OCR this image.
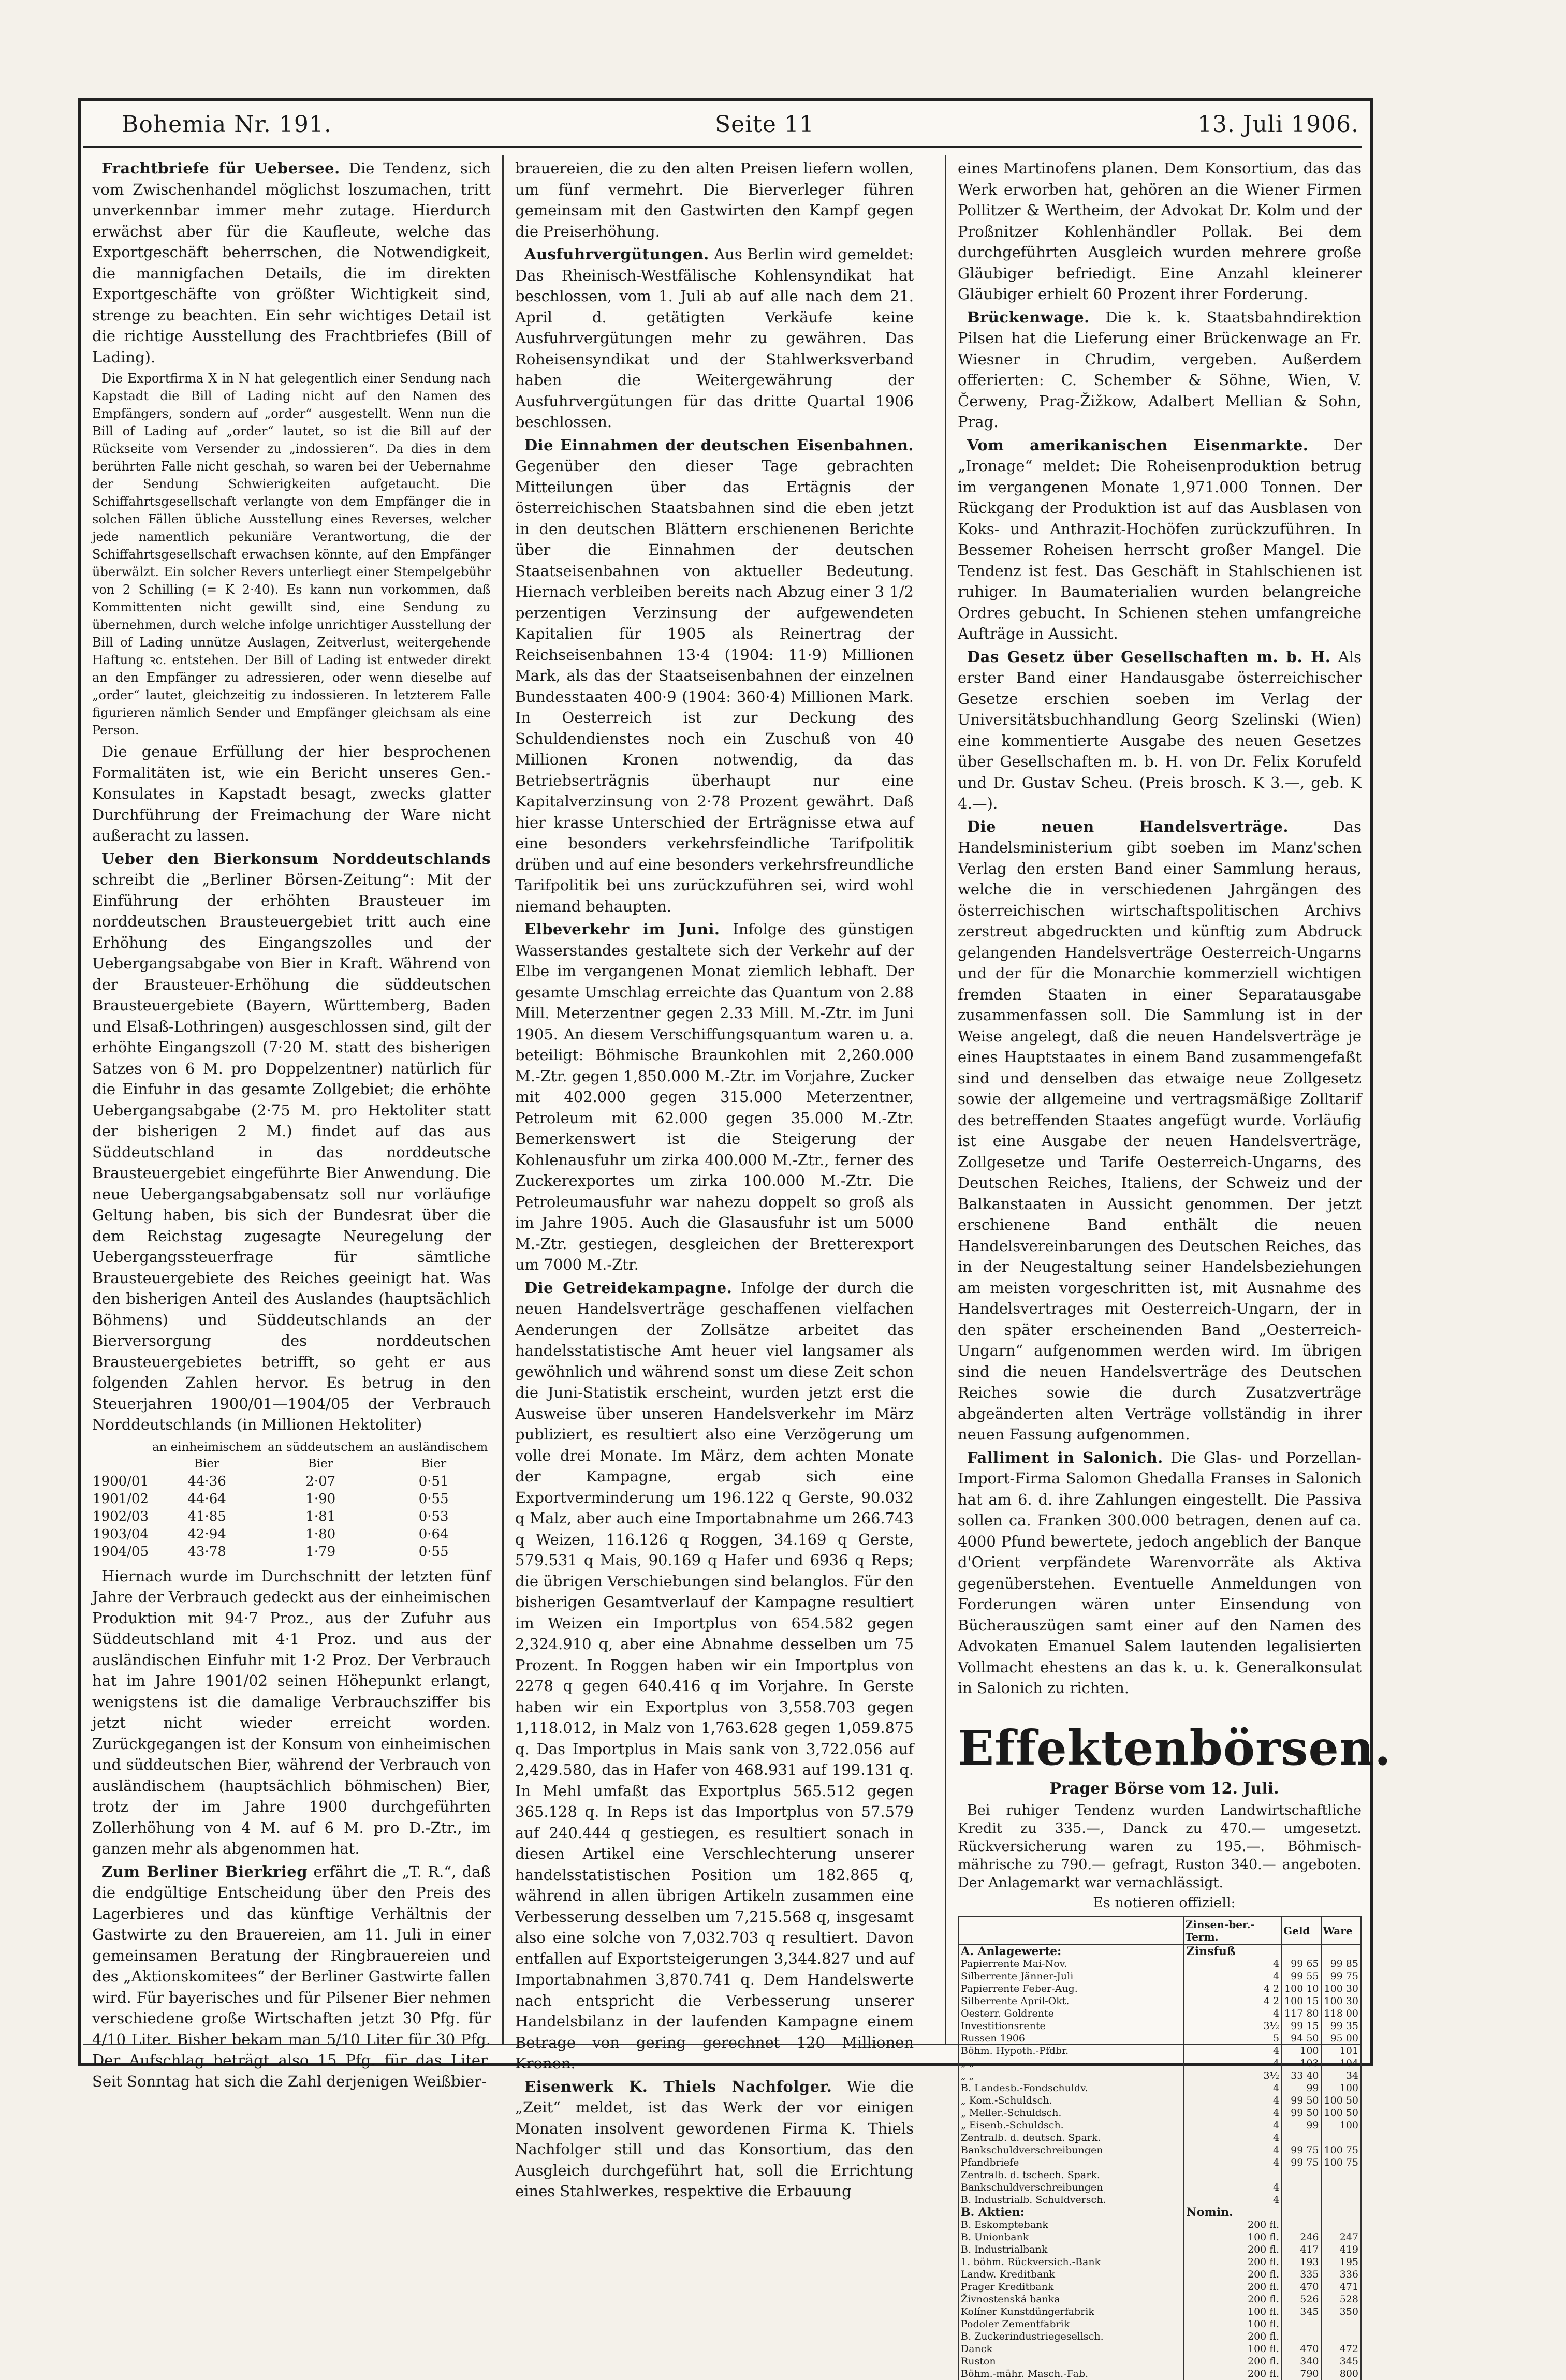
Bohemia Nr. 191.	Seite 11	13. Juli 1906.

Frachtbriefe für Uebersee. Die Tendenz, sich vom Zwischenhandel möglichst loszumachen, tritt unverkennbar immer mehr zutage. Hierdurch erwächst aber für die Kaufleute, welche das Exportgeschäft beherrschen, die Notwendigkeit, die mannigfachen Details, die im direkten Exportgeschäfte von größter Wichtigkeit sind, strenge zu beachten. Ein sehr wichtiges Detail ist die richtige Ausstellung des Frachtbriefes (Bill of Lading).

Die Exportfirma X in N hat gelegentlich einer Sendung nach Kapstadt die Bill of Lading nicht auf den Namen des Empfängers, sondern auf „order“ ausgestellt. Wenn nun die Bill of Lading auf „order“ lautet, so ist die Bill auf der Rückseite vom Versender zu „indossieren“. Da dies in dem berührten Falle nicht geschah, so waren bei der Uebernahme der Sendung Schwierigkeiten aufgetaucht. Die Schiffahrtsgesellschaft verlangte von dem Empfänger die in solchen Fällen übliche Ausstellung eines Reverses, welcher jede namentlich pekuniäre Verantwortung, die der Schiffahrtsgesellschaft erwachsen könnte, auf den Empfänger überwälzt. Ein solcher Revers unterliegt einer Stempelgebühr von 2 Schilling (= K 2·40). Es kann nun vorkommen, daß Kommittenten nicht gewillt sind, eine Sendung zu übernehmen, durch welche infolge unrichtiger Ausstellung der Bill of Lading unnütze Auslagen, Zeitverlust, weitergehende Haftung ꝛc. entstehen. Der Bill of Lading ist entweder direkt an den Empfänger zu adressieren, oder wenn dieselbe auf „order“ lautet, gleichzeitig zu indossieren. In letzterem Falle figurieren nämlich Sender und Empfänger gleichsam als eine Person.

Die genaue Erfüllung der hier besprochenen Formalitäten ist, wie ein Bericht unseres Gen.-Konsulates in Kapstadt besagt, zwecks glatter Durchführung der Freimachung der Ware nicht außeracht zu lassen.

Ueber den Bierkonsum Norddeutschlands schreibt die „Berliner Börsen-Zeitung“: Mit der Einführung der erhöhten Brausteuer im norddeutschen Brausteuergebiet tritt auch eine Erhöhung des Eingangszolles und der Uebergangsabgabe von Bier in Kraft. Während von der Brausteuer-Erhöhung die süddeutschen Brausteuergebiete (Bayern, Württemberg, Baden und Elsaß-Lothringen) ausgeschlossen sind, gilt der erhöhte Eingangszoll (7·20 M. statt des bisherigen Satzes von 6 M. pro Doppelzentner) natürlich für die Einfuhr in das gesamte Zollgebiet; die erhöhte Uebergangsabgabe (2·75 M. pro Hektoliter statt der bisherigen 2 M.) findet auf das aus Süddeutschland in das norddeutsche Brausteuergebiet eingeführte Bier Anwendung. Die neue Uebergangsabgabensatz soll nur vorläufige Geltung haben, bis sich der Bundesrat über die dem Reichstag zugesagte Neuregelung der Uebergangssteuerfrage für sämtliche Brausteuergebiete des Reiches geeinigt hat. Was den bisherigen Anteil des Auslandes (hauptsächlich Böhmens) und Süddeutschlands an der Bierversorgung des norddeutschen Brausteuergebietes betrifft, so geht er aus folgenden Zahlen hervor. Es betrug in den Steuerjahren 1900/01—1904/05 der Verbrauch Norddeutschlands (in Millionen Hektoliter)

	an einheimischem Bier	an süddeutschem Bier	an ausländischem Bier
1900/01	44·36	2·07	0·51
1901/02	44·64	1·90	0·55
1902/03	41·85	1·81	0·53
1903/04	42·94	1·80	0·64
1904/05	43·78	1·79	0·55

Hiernach wurde im Durchschnitt der letzten fünf Jahre der Verbrauch gedeckt aus der einheimischen Produktion mit 94·7 Proz., aus der Zufuhr aus Süddeutschland mit 4·1 Proz. und aus der ausländischen Einfuhr mit 1·2 Proz. Der Verbrauch hat im Jahre 1901/02 seinen Höhepunkt erlangt, wenigstens ist die damalige Verbrauchsziffer bis jetzt nicht wieder erreicht worden. Zurückgegangen ist der Konsum von einheimischen und süddeutschen Bier, während der Verbrauch von ausländischem (hauptsächlich böhmischen) Bier, trotz der im Jahre 1900 durchgeführten Zollerhöhung von 4 M. auf 6 M. pro D.-Ztr., im ganzen mehr als abgenommen hat.

Zum Berliner Bierkrieg erfährt die „T. R.“, daß die endgültige Entscheidung über den Preis des Lagerbieres und das künftige Verhältnis der Gastwirte zu den Brauereien, am 11. Juli in einer gemeinsamen Beratung der Ringbrauereien und des „Aktionskomitees“ der Berliner Gastwirte fallen wird. Für bayerisches und für Pilsener Bier nehmen verschiedene große Wirtschaften jetzt 30 Pfg. für 4/10 Liter. Bisher bekam man 5/10 Liter für 30 Pfg. Der Aufschlag beträgt also 15 Pfg. für das Liter. Seit Sonntag hat sich die Zahl derjenigen Weißbier-

brauereien, die zu den alten Preisen liefern wollen, um fünf vermehrt. Die Bierverleger führen gemeinsam mit den Gastwirten den Kampf gegen die Preiserhöhung.

Ausfuhrvergütungen. Aus Berlin wird gemeldet: Das Rheinisch-Westfälische Kohlensyndikat hat beschlossen, vom 1. Juli ab auf alle nach dem 21. April d. getätigten Verkäufe keine Ausfuhrvergütungen mehr zu gewähren. Das Roheisensyndikat und der Stahlwerksverband haben die Weitergewährung der Ausfuhrvergütungen für das dritte Quartal 1906 beschlossen.

Die Einnahmen der deutschen Eisenbahnen. Gegenüber den dieser Tage gebrachten Mitteilungen über das Ertägnis der österreichischen Staatsbahnen sind die eben jetzt in den deutschen Blättern erschienenen Berichte über die Einnahmen der deutschen Staatseisenbahnen von aktueller Bedeutung. Hiernach verbleiben bereits nach Abzug einer 3 1/2 perzentigen Verzinsung der aufgewendeten Kapitalien für 1905 als Reinertrag der Reichseisenbahnen 13·4 (1904: 11·9) Millionen Mark, als das der Staatseisenbahnen der einzelnen Bundesstaaten 400·9 (1904: 360·4) Millionen Mark. In Oesterreich ist zur Deckung des Schuldendienstes noch ein Zuschuß von 40 Millionen Kronen notwendig, da das Betriebserträgnis überhaupt nur eine Kapitalverzinsung von 2·78 Prozent gewährt. Daß hier krasse Unterschied der Erträgnisse etwa auf eine besonders verkehrsfeindliche Tarifpolitik drüben und auf eine besonders verkehrsfreundliche Tarifpolitik bei uns zurückzuführen sei, wird wohl niemand behaupten.

Elbeverkehr im Juni. Infolge des günstigen Wasserstandes gestaltete sich der Verkehr auf der Elbe im vergangenen Monat ziemlich lebhaft. Der gesamte Umschlag erreichte das Quantum von 2.88 Mill. Meterzentner gegen 2.33 Mill. M.-Ztr. im Juni 1905. An diesem Verschiffungsquantum waren u. a. beteiligt: Böhmische Braunkohlen mit 2,260.000 M.-Ztr. gegen 1,850.000 M.-Ztr. im Vorjahre, Zucker mit 402.000 gegen 315.000 Meterzentner, Petroleum mit 62.000 gegen 35.000 M.-Ztr. Bemerkenswert ist die Steigerung der Kohlenausfuhr um zirka 400.000 M.-Ztr., ferner des Zuckerexportes um zirka 100.000 M.-Ztr. Die Petroleumausfuhr war nahezu doppelt so groß als im Jahre 1905. Auch die Glasausfuhr ist um 5000 M.-Ztr. gestiegen, desgleichen der Bretterexport um 7000 M.-Ztr.

Die Getreidekampagne. Infolge der durch die neuen Handelsverträge geschaffenen vielfachen Aenderungen der Zollsätze arbeitet das handelsstatistische Amt heuer viel langsamer als gewöhnlich und während sonst um diese Zeit schon die Juni-Statistik erscheint, wurden jetzt erst die Ausweise über unseren Handelsverkehr im März publiziert, es resultiert also eine Verzögerung um volle drei Monate. Im März, dem achten Monate der Kampagne, ergab sich eine Exportverminderung um 196.122 q Gerste, 90.032 q Malz, aber auch eine Importabnahme um 266.743 q Weizen, 116.126 q Roggen, 34.169 q Gerste, 579.531 q Mais, 90.169 q Hafer und 6936 q Reps; die übrigen Verschiebungen sind belanglos. Für den bisherigen Gesamtverlauf der Kampagne resultiert im Weizen ein Importplus von 654.582 gegen 2,324.910 q, aber eine Abnahme desselben um 75 Prozent. In Roggen haben wir ein Importplus von 2278 q gegen 640.416 q im Vorjahre. In Gerste haben wir ein Exportplus von 3,558.703 gegen 1,118.012, in Malz von 1,763.628 gegen 1,059.875 q. Das Importplus in Mais sank von 3,722.056 auf 2,429.580, das in Hafer von 468.931 auf 199.131 q. In Mehl umfaßt das Exportplus 565.512 gegen 365.128 q. In Reps ist das Importplus von 57.579 auf 240.444 q gestiegen, es resultiert sonach in diesen Artikel eine Verschlechterung unserer handelsstatistischen Position um 182.865 q, während in allen übrigen Artikeln zusammen eine Verbesserung desselben um 7,215.568 q, insgesamt also eine solche von 7,032.703 q resultiert. Davon entfallen auf Exportsteigerungen 3,344.827 und auf Importabnahmen 3,870.741 q. Dem Handelswerte nach entspricht die Verbesserung unserer Handelsbilanz in der laufenden Kampagne einem Betrage von gering gerechnet 120 Millionen Kronen.

Eisenwerk K. Thiels Nachfolger. Wie die „Zeit“ meldet, ist das Werk der vor einigen Monaten insolvent gewordenen Firma K. Thiels Nachfolger still und das Konsortium, das den Ausgleich durchgeführt hat, soll die Errichtung eines Stahlwerkes, respektive die Erbauung

eines Martinofens planen. Dem Konsortium, das das Werk erworben hat, gehören an die Wiener Firmen Pollitzer & Wertheim, der Advokat Dr. Kolm und der Proßnitzer Kohlenhändler Pollak. Bei dem durchgeführten Ausgleich wurden mehrere große Gläubiger befriedigt. Eine Anzahl kleinerer Gläubiger erhielt 60 Prozent ihrer Forderung.

Brückenwage. Die k. k. Staatsbahndirektion Pilsen hat die Lieferung einer Brückenwage an Fr. Wiesner in Chrudim, vergeben. Außerdem offerierten: C. Schember & Söhne, Wien, V. Čerweny, Prag-Žižkow, Adalbert Mellian & Sohn, Prag.

Vom amerikanischen Eisenmarkte. Der „Ironage“ meldet: Die Roheisenproduktion betrug im vergangenen Monate 1,971.000 Tonnen. Der Rückgang der Produktion ist auf das Ausblasen von Koks- und Anthrazit-Hochöfen zurückzuführen. In Bessemer Roheisen herrscht großer Mangel. Die Tendenz ist fest. Das Geschäft in Stahlschienen ist ruhiger. In Baumaterialien wurden belangreiche Ordres gebucht. In Schienen stehen umfangreiche Aufträge in Aussicht.

Das Gesetz über Gesellschaften m. b. H. Als erster Band einer Handausgabe österreichischer Gesetze erschien soeben im Verlag der Universitätsbuchhandlung Georg Szelinski (Wien) eine kommentierte Ausgabe des neuen Gesetzes über Gesellschaften m. b. H. von Dr. Felix Korufeld und Dr. Gustav Scheu. (Preis brosch. K 3.—, geb. K 4.—).

Die neuen Handelsverträge. Das Handelsministerium gibt soeben im Manz'schen Verlag den ersten Band einer Sammlung heraus, welche die in verschiedenen Jahrgängen des österreichischen wirtschaftspolitischen Archivs zerstreut abgedruckten und künftig zum Abdruck gelangenden Handelsverträge Oesterreich-Ungarns und der für die Monarchie kommerziell wichtigen fremden Staaten in einer Separatausgabe zusammenfassen soll. Die Sammlung ist in der Weise angelegt, daß die neuen Handelsverträge je eines Hauptstaates in einem Band zusammengefaßt sind und denselben das etwaige neue Zollgesetz sowie der allgemeine und vertragsmäßige Zolltarif des betreffenden Staates angefügt wurde. Vorläufig ist eine Ausgabe der neuen Handelsverträge, Zollgesetze und Tarife Oesterreich-Ungarns, des Deutschen Reiches, Italiens, der Schweiz und der Balkanstaaten in Aussicht genommen. Der jetzt erschienene Band enthält die neuen Handelsvereinbarungen des Deutschen Reiches, das in der Neugestaltung seiner Handelsbeziehungen am meisten vorgeschritten ist, mit Ausnahme des Handelsvertrages mit Oesterreich-Ungarn, der in den später erscheinenden Band „Oesterreich-Ungarn“ aufgenommen werden wird. Im übrigen sind die neuen Handelsverträge des Deutschen Reiches sowie die durch Zusatzverträge abgeänderten alten Verträge vollständig in ihrer neuen Fassung aufgenommen.

Falliment in Salonich. Die Glas- und Porzellan-Import-Firma Salomon Ghedalla Franses in Salonich hat am 6. d. ihre Zahlungen eingestellt. Die Passiva sollen ca. Franken 300.000 betragen, denen auf ca. 4000 Pfund bewertete, jedoch angeblich der Banque d'Orient verpfändete Warenvorräte als Aktiva gegenüberstehen. Eventuelle Anmeldungen von Forderungen wären unter Einsendung von Bücherauszügen samt einer auf den Namen des Advokaten Emanuel Salem lautenden legalisierten Vollmacht ehestens an das k. u. k. Generalkonsulat in Salonich zu richten.

Effektenbörsen.

Prager Börse vom 12. Juli.

Bei ruhiger Tendenz wurden Landwirtschaftliche Kredit zu 335.—, Danck zu 470.— umgesetzt. Rückversicherung waren zu 195.—. Böhmisch-mährische zu 790.— gefragt, Ruston 340.— angeboten. Der Anlagemarkt war vernachlässigt.

Es notieren offiziell:

	Zinsen-ber.-Term.	Geld	Ware
A. Anlagewerte:	Zinsfuß		
Papierrente Mai-Nov.	4	99 65	99 85
Silberrente Jänner-Juli	4	99 55	99 75
Papierrente Feber-Aug.	4 2	100 10	100 30
Silberrente April-Okt.	4 2	100 15	100 30
Oesterr. Goldrente	4	117 80	118 00
Investitionsrente	3½	99 15	99 35
Russen 1906	5	94 50	95 00
Böhm. Hypoth.-Pfdbr.	4	100	101
„ „	4	103	104
„ „	3½	33 40	34
B. Landesb.-Fondschuldv.	4	99	100
„ Kom.-Schuldsch.	4	99 50	100 50
„ Meller.-Schuldsch.	4	99 50	100 50
„ Eisenb.-Schuldsch.	4	99	100
Zentralb. d. deutsch. Spark.	4		
Bankschuldverschreibungen	4	99 75	100 75
Pfandbriefe	4	99 75	100 75
Zentralb. d. tschech. Spark.			
Bankschuldverschreibungen	4		
B. Industrialb. Schuldversch.	4		
B. Aktien:	Nomin.		
B. Eskomptebank	200 fl.		
B. Unionbank	100 fl.	246	247
B. Industrialbank	200 fl.	417	419
1. böhm. Rückversich.-Bank	200 fl.	193	195
Landw. Kreditbank	200 fl.	335	336
Prager Kreditbank	200 fl.	470	471
Živnostenská banka	200 fl.	526	528
Kolíner Kunstdüngerfabrik	100 fl.	345	350
Podoler Zementfabrik	100 fl.		
B. Zuckerindustriegesellsch.	200 fl.		
Danck	100 fl.	470	472
Ruston	200 fl.	340	345
Böhm.-mähr. Masch.-Fab.	200 fl.	790	800
